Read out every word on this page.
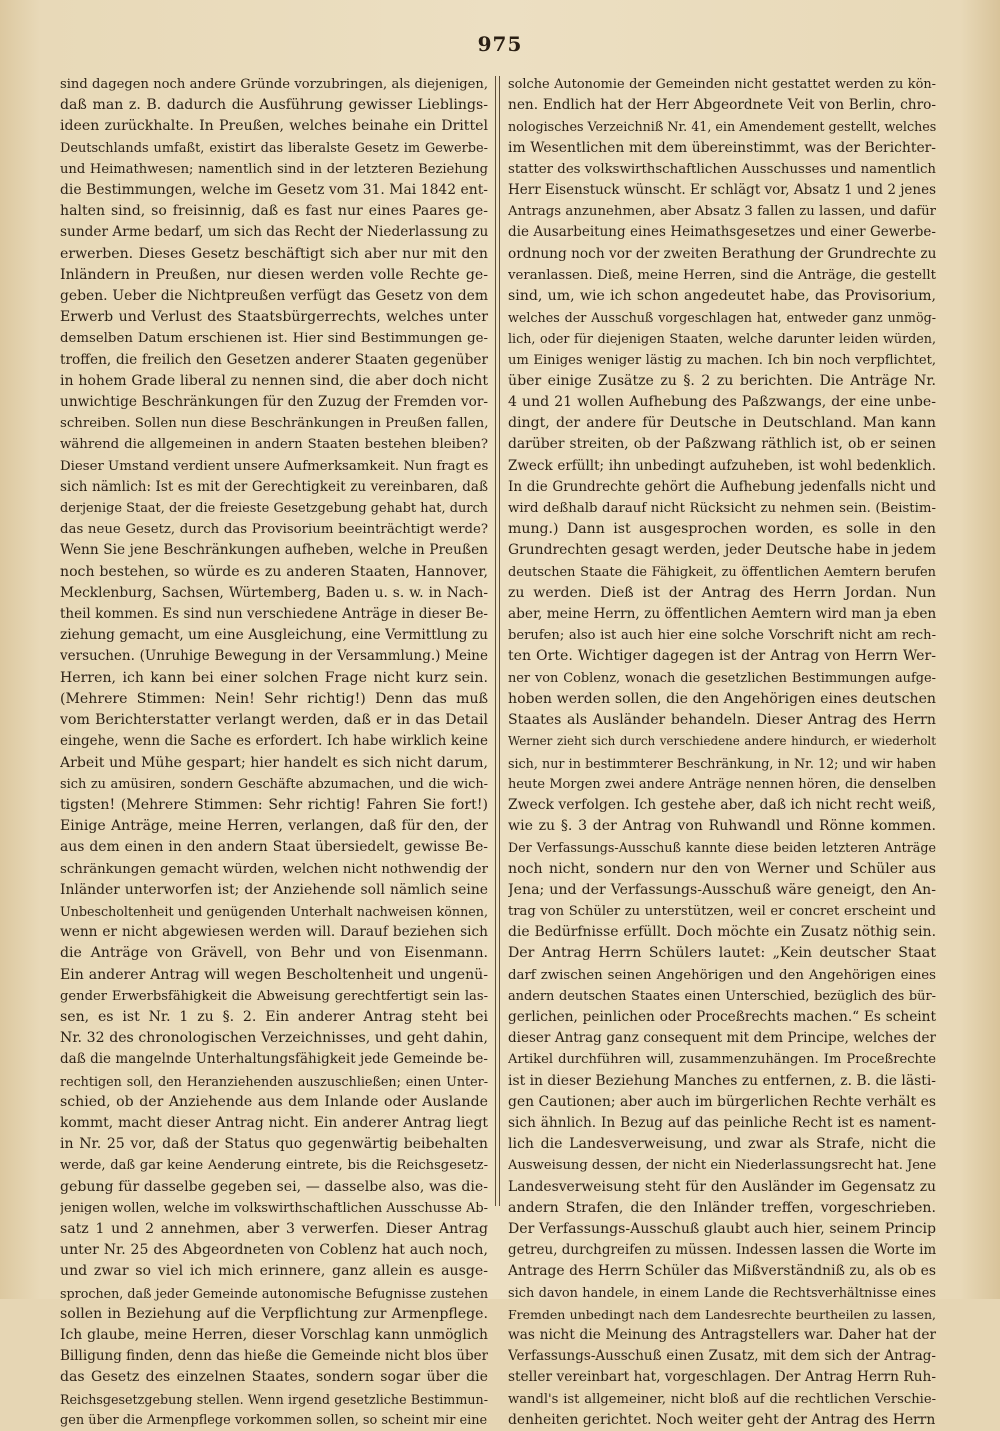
975

sind dagegen noch andere Gründe vorzubringen, als diejenigen,

daß man z. B. dadurch die Ausführung gewisser Lieblings-

ideen zurückhalte. In Preußen, welches beinahe ein Drittel

Deutschlands umfaßt, existirt das liberalste Gesetz im Gewerbe-

und Heimathwesen; namentlich sind in der letzteren Beziehung

die Bestimmungen, welche im Gesetz vom 31. Mai 1842 ent-

halten sind, so freisinnig, daß es fast nur eines Paares ge-

sunder Arme bedarf, um sich das Recht der Niederlassung zu

erwerben. Dieses Gesetz beschäftigt sich aber nur mit den

Inländern in Preußen, nur diesen werden volle Rechte ge-

geben. Ueber die Nichtpreußen verfügt das Gesetz von dem

Erwerb und Verlust des Staatsbürgerrechts, welches unter

demselben Datum erschienen ist. Hier sind Bestimmungen ge-

troffen, die freilich den Gesetzen anderer Staaten gegenüber

in hohem Grade liberal zu nennen sind, die aber doch nicht

unwichtige Beschränkungen für den Zuzug der Fremden vor-

schreiben. Sollen nun diese Beschränkungen in Preußen fallen,

während die allgemeinen in andern Staaten bestehen bleiben?

Dieser Umstand verdient unsere Aufmerksamkeit. Nun fragt es

sich nämlich: Ist es mit der Gerechtigkeit zu vereinbaren, daß

derjenige Staat, der die freieste Gesetzgebung gehabt hat, durch

das neue Gesetz, durch das Provisorium beeinträchtigt werde?

Wenn Sie jene Beschränkungen aufheben, welche in Preußen

noch bestehen, so würde es zu anderen Staaten, Hannover,

Mecklenburg, Sachsen, Würtemberg, Baden u. s. w. in Nach-

theil kommen. Es sind nun verschiedene Anträge in dieser Be-

ziehung gemacht, um eine Ausgleichung, eine Vermittlung zu

versuchen. (Unruhige Bewegung in der Versammlung.) Meine

Herren, ich kann bei einer solchen Frage nicht kurz sein.

(Mehrere Stimmen: Nein! Sehr richtig!) Denn das muß

vom Berichterstatter verlangt werden, daß er in das Detail

eingehe, wenn die Sache es erfordert. Ich habe wirklich keine

Arbeit und Mühe gespart; hier handelt es sich nicht darum,

sich zu amüsiren, sondern Geschäfte abzumachen, und die wich-

tigsten! (Mehrere Stimmen: Sehr richtig! Fahren Sie fort!)

Einige Anträge, meine Herren, verlangen, daß für den, der

aus dem einen in den andern Staat übersiedelt, gewisse Be-

schränkungen gemacht würden, welchen nicht nothwendig der

Inländer unterworfen ist; der Anziehende soll nämlich seine

Unbescholtenheit und genügenden Unterhalt nachweisen können,

wenn er nicht abgewiesen werden will. Darauf beziehen sich

die Anträge von Grävell, von Behr und von Eisenmann.

Ein anderer Antrag will wegen Bescholtenheit und ungenü-

gender Erwerbsfähigkeit die Abweisung gerechtfertigt sein las-

sen, es ist Nr. 1 zu §. 2. Ein anderer Antrag steht bei

Nr. 32 des chronologischen Verzeichnisses, und geht dahin,

daß die mangelnde Unterhaltungsfähigkeit jede Gemeinde be-

rechtigen soll, den Heranziehenden auszuschließen; einen Unter-

schied, ob der Anziehende aus dem Inlande oder Auslande

kommt, macht dieser Antrag nicht. Ein anderer Antrag liegt

in Nr. 25 vor, daß der Status quo gegenwärtig beibehalten

werde, daß gar keine Aenderung eintrete, bis die Reichsgesetz-

gebung für dasselbe gegeben sei, — dasselbe also, was die-

jenigen wollen, welche im volkswirthschaftlichen Ausschusse Ab-

satz 1 und 2 annehmen, aber 3 verwerfen. Dieser Antrag

unter Nr. 25 des Abgeordneten von Coblenz hat auch noch,

und zwar so viel ich mich erinnere, ganz allein es ausge-

sprochen, daß jeder Gemeinde autonomische Befugnisse zustehen

sollen in Beziehung auf die Verpflichtung zur Armenpflege.

Ich glaube, meine Herren, dieser Vorschlag kann unmöglich

Billigung finden, denn das hieße die Gemeinde nicht blos über

das Gesetz des einzelnen Staates, sondern sogar über die

Reichsgesetzgebung stellen. Wenn irgend gesetzliche Bestimmun-

gen über die Armenpflege vorkommen sollen, so scheint mir eine

solche Autonomie der Gemeinden nicht gestattet werden zu kön-

nen. Endlich hat der Herr Abgeordnete Veit von Berlin, chro-

nologisches Verzeichniß Nr. 41, ein Amendement gestellt, welches

im Wesentlichen mit dem übereinstimmt, was der Berichter-

statter des volkswirthschaftlichen Ausschusses und namentlich

Herr Eisenstuck wünscht. Er schlägt vor, Absatz 1 und 2 jenes

Antrags anzunehmen, aber Absatz 3 fallen zu lassen, und dafür

die Ausarbeitung eines Heimathsgesetzes und einer Gewerbe-

ordnung noch vor der zweiten Berathung der Grundrechte zu

veranlassen. Dieß, meine Herren, sind die Anträge, die gestellt

sind, um, wie ich schon angedeutet habe, das Provisorium,

welches der Ausschuß vorgeschlagen hat, entweder ganz unmög-

lich, oder für diejenigen Staaten, welche darunter leiden würden,

um Einiges weniger lästig zu machen. Ich bin noch verpflichtet,

über einige Zusätze zu §. 2 zu berichten. Die Anträge Nr.

4 und 21 wollen Aufhebung des Paßzwangs, der eine unbe-

dingt, der andere für Deutsche in Deutschland. Man kann

darüber streiten, ob der Paßzwang räthlich ist, ob er seinen

Zweck erfüllt; ihn unbedingt aufzuheben, ist wohl bedenklich.

In die Grundrechte gehört die Aufhebung jedenfalls nicht und

wird deßhalb darauf nicht Rücksicht zu nehmen sein. (Beistim-

mung.) Dann ist ausgesprochen worden, es solle in den

Grundrechten gesagt werden, jeder Deutsche habe in jedem

deutschen Staate die Fähigkeit, zu öffentlichen Aemtern berufen

zu werden. Dieß ist der Antrag des Herrn Jordan. Nun

aber, meine Herrn, zu öffentlichen Aemtern wird man ja eben

berufen; also ist auch hier eine solche Vorschrift nicht am rech-

ten Orte. Wichtiger dagegen ist der Antrag von Herrn Wer-

ner von Coblenz, wonach die gesetzlichen Bestimmungen aufge-

hoben werden sollen, die den Angehörigen eines deutschen

Staates als Ausländer behandeln. Dieser Antrag des Herrn

Werner zieht sich durch verschiedene andere hindurch, er wiederholt

sich, nur in bestimmterer Beschränkung, in Nr. 12; und wir haben

heute Morgen zwei andere Anträge nennen hören, die denselben

Zweck verfolgen. Ich gestehe aber, daß ich nicht recht weiß,

wie zu §. 3 der Antrag von Ruhwandl und Rönne kommen.

Der Verfassungs-Ausschuß kannte diese beiden letzteren Anträge

noch nicht, sondern nur den von Werner und Schüler aus

Jena; und der Verfassungs-Ausschuß wäre geneigt, den An-

trag von Schüler zu unterstützen, weil er concret erscheint und

die Bedürfnisse erfüllt. Doch möchte ein Zusatz nöthig sein.

Der Antrag Herrn Schülers lautet: „Kein deutscher Staat

darf zwischen seinen Angehörigen und den Angehörigen eines

andern deutschen Staates einen Unterschied, bezüglich des bür-

gerlichen, peinlichen oder Proceßrechts machen.“ Es scheint

dieser Antrag ganz consequent mit dem Principe, welches der

Artikel durchführen will, zusammenzuhängen. Im Proceßrechte

ist in dieser Beziehung Manches zu entfernen, z. B. die lästi-

gen Cautionen; aber auch im bürgerlichen Rechte verhält es

sich ähnlich. In Bezug auf das peinliche Recht ist es nament-

lich die Landesverweisung, und zwar als Strafe, nicht die

Ausweisung dessen, der nicht ein Niederlassungsrecht hat. Jene

Landesverweisung steht für den Ausländer im Gegensatz zu

andern Strafen, die den Inländer treffen, vorgeschrieben.

Der Verfassungs-Ausschuß glaubt auch hier, seinem Princip

getreu, durchgreifen zu müssen. Indessen lassen die Worte im

Antrage des Herrn Schüler das Mißverständniß zu, als ob es

sich davon handele, in einem Lande die Rechtsverhältnisse eines

Fremden unbedingt nach dem Landesrechte beurtheilen zu lassen,

was nicht die Meinung des Antragstellers war. Daher hat der

Verfassungs-Ausschuß einen Zusatz, mit dem sich der Antrag-

steller vereinbart hat, vorgeschlagen. Der Antrag Herrn Ruh-

wandl's ist allgemeiner, nicht bloß auf die rechtlichen Verschie-

denheiten gerichtet. Noch weiter geht der Antrag des Herrn
